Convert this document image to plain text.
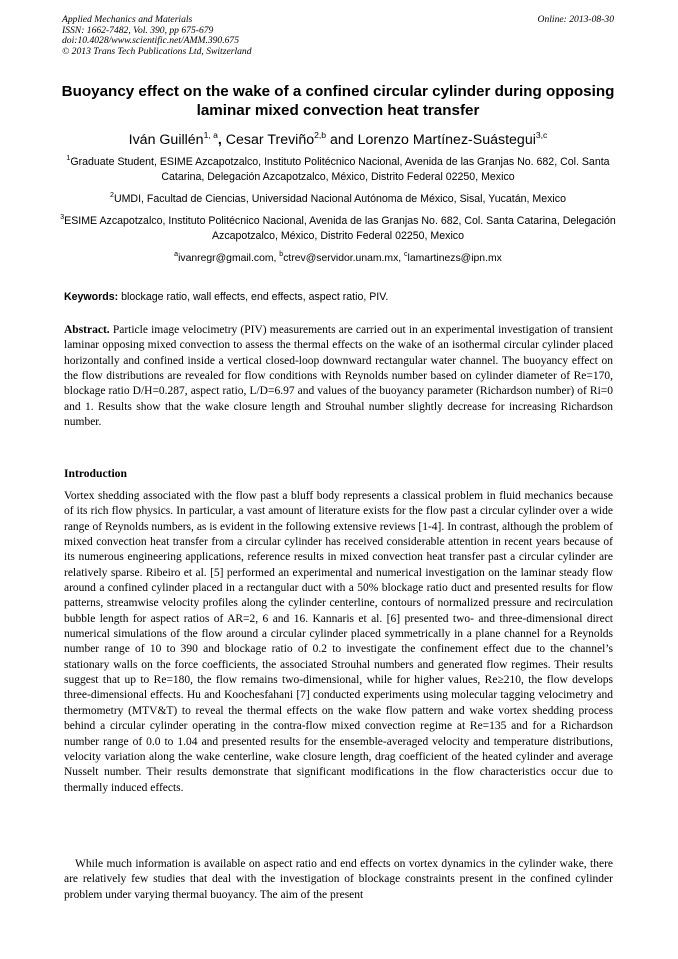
Applied Mechanics and Materials
ISSN: 1662-7482, Vol. 390, pp 675-679
doi:10.4028/www.scientific.net/AMM.390.675
© 2013 Trans Tech Publications Ltd, Switzerland
Online: 2013-08-30
Buoyancy effect on the wake of a confined circular cylinder during opposing laminar mixed convection heat transfer
Iván Guillén$^{1, a}$, Cesar Treviño$^{2,b}$ and Lorenzo Martínez-Suástegui$^{3,c}$
$^1$Graduate Student, ESIME Azcapotzalco, Instituto Politécnico Nacional, Avenida de las Granjas No. 682, Col. Santa Catarina, Delegación Azcapotzalco, México, Distrito Federal 02250, Mexico
$^2$UMDI, Facultad de Ciencias, Universidad Nacional Autónoma de México, Sisal, Yucatán, Mexico
$^3$ESIME Azcapotzalco, Instituto Politécnico Nacional, Avenida de las Granjas No. 682, Col. Santa Catarina, Delegación Azcapotzalco, México, Distrito Federal 02250, Mexico
$^a$ivanregr@gmail.com, $^b$ctrev@servidor.unam.mx, $^c$lamartinezs@ipn.mx
Keywords: blockage ratio, wall effects, end effects, aspect ratio, PIV.
Abstract. Particle image velocimetry (PIV) measurements are carried out in an experimental investigation of transient laminar opposing mixed convection to assess the thermal effects on the wake of an isothermal circular cylinder placed horizontally and confined inside a vertical closed-loop downward rectangular water channel. The buoyancy effect on the flow distributions are revealed for flow conditions with Reynolds number based on cylinder diameter of Re=170, blockage ratio D/H=0.287, aspect ratio, L/D=6.97 and values of the buoyancy parameter (Richardson number) of Ri=0 and 1. Results show that the wake closure length and Strouhal number slightly decrease for increasing Richardson number.
Introduction
Vortex shedding associated with the flow past a bluff body represents a classical problem in fluid mechanics because of its rich flow physics. In particular, a vast amount of literature exists for the flow past a circular cylinder over a wide range of Reynolds numbers, as is evident in the following extensive reviews [1-4]. In contrast, although the problem of mixed convection heat transfer from a circular cylinder has received considerable attention in recent years because of its numerous engineering applications, reference results in mixed convection heat transfer past a circular cylinder are relatively sparse. Ribeiro et al. [5] performed an experimental and numerical investigation on the laminar steady flow around a confined cylinder placed in a rectangular duct with a 50% blockage ratio duct and presented results for flow patterns, streamwise velocity profiles along the cylinder centerline, contours of normalized pressure and recirculation bubble length for aspect ratios of AR=2, 6 and 16. Kannaris et al. [6] presented two- and three-dimensional direct numerical simulations of the flow around a circular cylinder placed symmetrically in a plane channel for a Reynolds number range of 10 to 390 and blockage ratio of 0.2 to investigate the confinement effect due to the channel’s stationary walls on the force coefficients, the associated Strouhal numbers and generated flow regimes. Their results suggest that up to Re=180, the flow remains two-dimensional, while for higher values, Re≥210, the flow develops three-dimensional effects. Hu and Koochesfahani [7] conducted experiments using molecular tagging velocimetry and thermometry (MTV&T) to reveal the thermal effects on the wake flow pattern and wake vortex shedding process behind a circular cylinder operating in the contra-flow mixed convection regime at Re=135 and for a Richardson number range of 0.0 to 1.04 and presented results for the ensemble-averaged velocity and temperature distributions, velocity variation along the wake centerline, wake closure length, drag coefficient of the heated cylinder and average Nusselt number. Their results demonstrate that significant modifications in the flow characteristics occur due to thermally induced effects.
While much information is available on aspect ratio and end effects on vortex dynamics in the cylinder wake, there are relatively few studies that deal with the investigation of blockage constraints present in the confined cylinder problem under varying thermal buoyancy. The aim of the present
